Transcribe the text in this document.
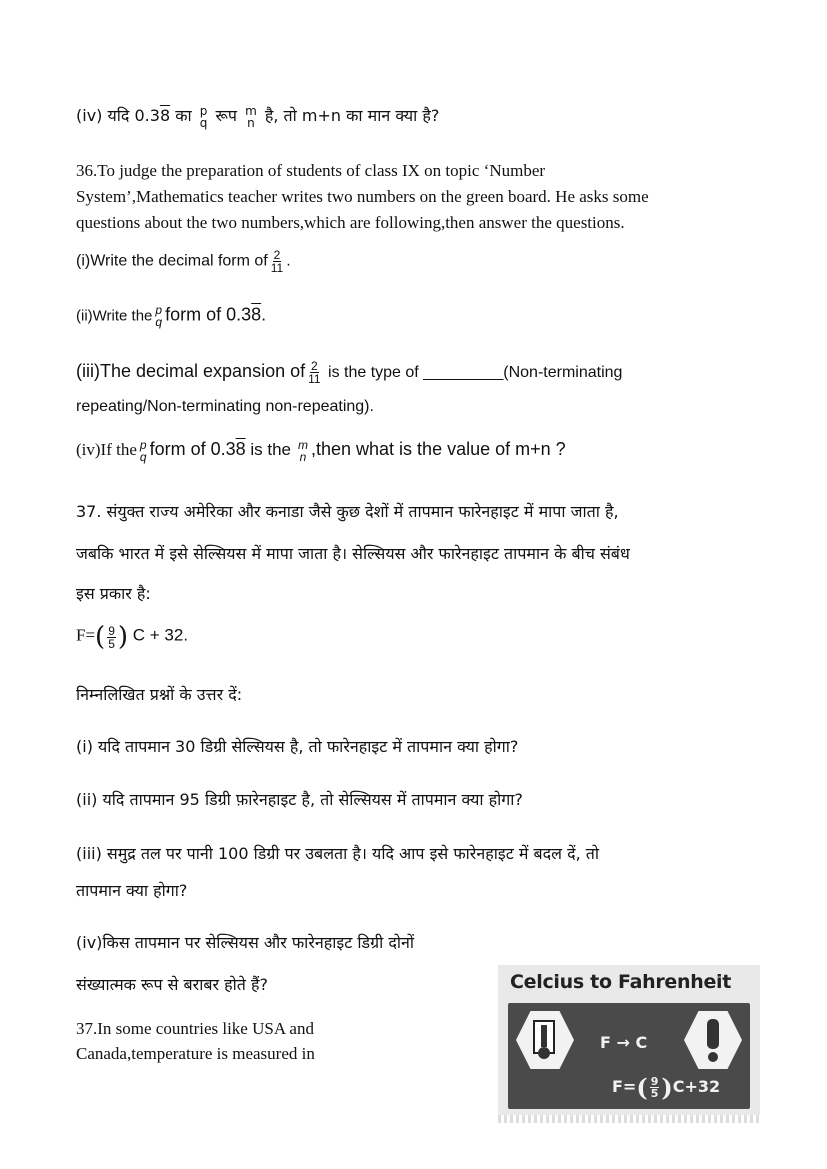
(iv) यदि 0.38 का p
q रूप m
n है, तो m+n का मान क्या है?
36.To judge the preparation of students of class IX on topic ‘Number
System’,Mathematics teacher writes two numbers on the green board. He asks some
questions about the two numbers,which are following,then answer the questions.
(i)Write the decimal form of $\frac{2}{11}$ .
(ii)Write the p
q form of 0.38.
(iii)The decimal expansion of $\frac{2}{11}$ is the type of _________(Non-terminating
repeating/Non-terminating non-repeating).
(iv)If the p
q form of 0.38 is the m
n ,then what is the value of m+n ?
37. संयुक्त राज्य अमेरिका और कनाडा जैसे कुछ देशों में तापमान फारेनहाइट में मापा जाता है,
जबकि भारत में इसे सेल्सियस में मापा जाता है। सेल्सियस और फारेनहाइट तापमान के बीच संबंध
इस प्रकार है:
$F=( \frac{9}{5}$ ) C + 32.
निम्नलिखित प्रश्नों के उत्तर दें:
(i) यदि तापमान 30 डिग्री सेल्सियस है, तो फारेनहाइट में तापमान क्या होगा?
(ii) यदि तापमान 95 डिग्री फ़ारेनहाइट है, तो सेल्सियस में तापमान क्या होगा?
(iii) समुद्र तल पर पानी 100 डिग्री पर उबलता है। यदि आप इसे फारेनहाइट में बदल दें, तो
तापमान क्या होगा?
(iv)किस तापमान पर सेल्सियस और फारेनहाइट डिग्री दोनों
संख्यात्मक रूप से बराबर होते हैं?
37.In some countries like USA and
Canada,temperature is measured in
Celcius to Fahrenheit
F → C
$F=( \frac{9}{5} )C+32$
